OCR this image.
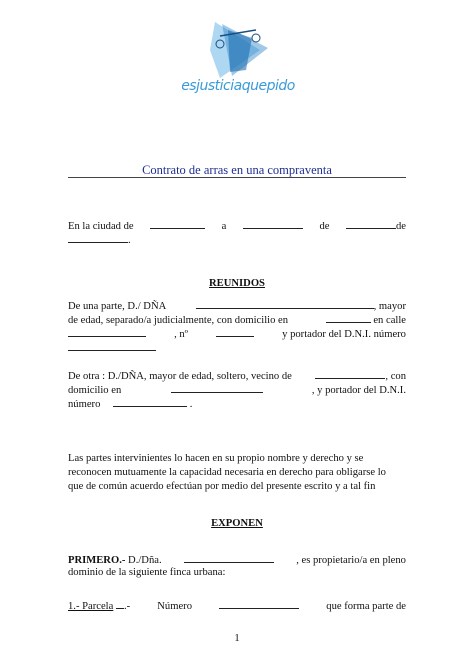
esjusticiaquepido
Contrato de arras en una compraventa
En la ciudad de	a	de	de
.
REUNIDOS
De una parte, D./ DÑA	, mayor
de edad, separado/a judicialmente, con domicilio en	en calle
, nº	y portador del D.N.I. número
De otra : D./DÑA, mayor de edad, soltero, vecino de	, con
domicilio en	, y portador del D.N.I.
número	.
Las partes intervinientes lo hacen en su propio nombre y derecho y se
reconocen mutuamente la capacidad necesaria en derecho para obligarse lo
que de común acuerdo efectúan por medio del presente escrito y a tal fin
EXPONEN
PRIMERO.- D./Dña.	, es propietario/a en pleno
dominio de la siguiente finca urbana:
1.- Parcela .-	Número	que forma parte de
1
